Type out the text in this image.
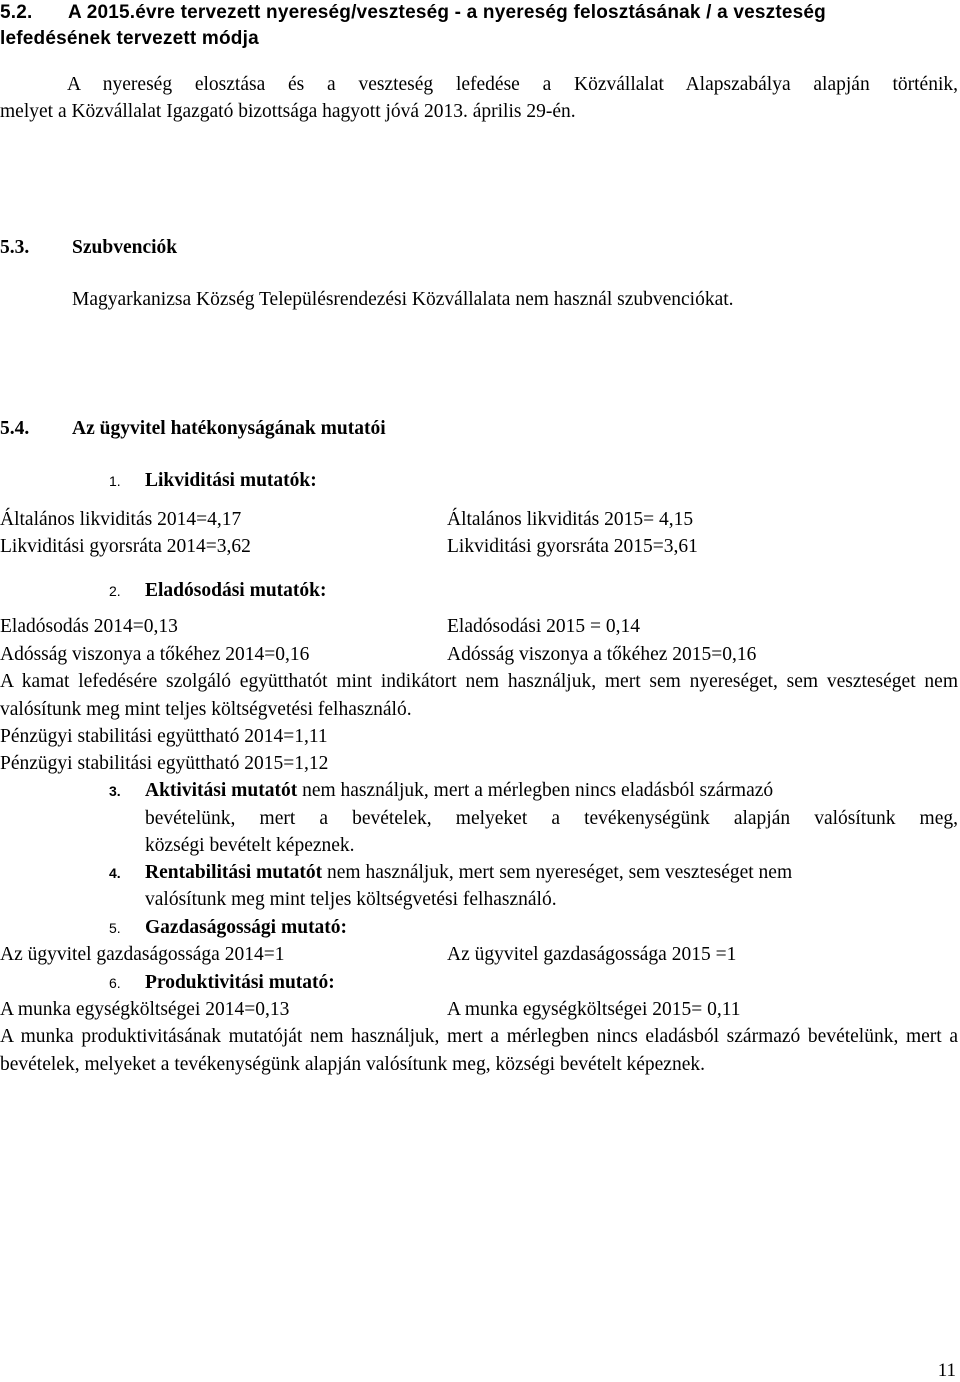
5.2. A 2015.évre tervezett nyereség/veszteség - a nyereség felosztásának / a veszteség
lefedésének tervezett módja
A nyereség elosztása és a veszteség lefedése a Közvállalat Alapszabálya alapján történik,
melyet a Közvállalat Igazgató bizottsága hagyott jóvá 2013. április 29-én.
5.3. Szubvenciók
Magyarkanizsa Község Településrendezési Közvállalata nem használ szubvenciókat.
5.4. Az ügyvitel hatékonyságának mutatói
1. Likviditási mutatók:
Általános likviditás 2014=4,17	Általános likviditás 2015= 4,15
Likviditási gyorsráta 2014=3,62	Likviditási gyorsráta 2015=3,61
2. Eladósodási mutatók:
Eladósodás 2014=0,13	Eladósodási 2015 = 0,14
Adósság viszonya a tőkéhez 2014=0,16	Adósság viszonya a tőkéhez 2015=0,16
A kamat lefedésére szolgáló együtthatót mint indikátort nem használjuk, mert sem nyereséget, sem veszteséget nem valósítunk meg mint teljes költségvetési felhasználó.
Pénzügyi stabilitási együttható 2014=1,11
Pénzügyi stabilitási együttható 2015=1,12
3. Aktivitási mutatót nem használjuk, mert a mérlegben nincs eladásból származó
bevételünk, mert a bevételek, melyeket a tevékenységünk alapján valósítunk meg,
községi bevételt képeznek.
4. Rentabilitási mutatót nem használjuk, mert sem nyereséget, sem veszteséget nem
valósítunk meg mint teljes költségvetési felhasználó.
5. Gazdaságossági mutató:
Az ügyvitel gazdaságossága 2014=1	Az ügyvitel gazdaságossága 2015 =1
6. Produktivitási mutató:
A munka egységköltségei 2014=0,13	A munka egységköltségei 2015= 0,11
A munka produktivitásának mutatóját nem használjuk, mert a mérlegben nincs eladásból származó bevételünk, mert a bevételek, melyeket a tevékenységünk alapján valósítunk meg, községi bevételt képeznek.
11
